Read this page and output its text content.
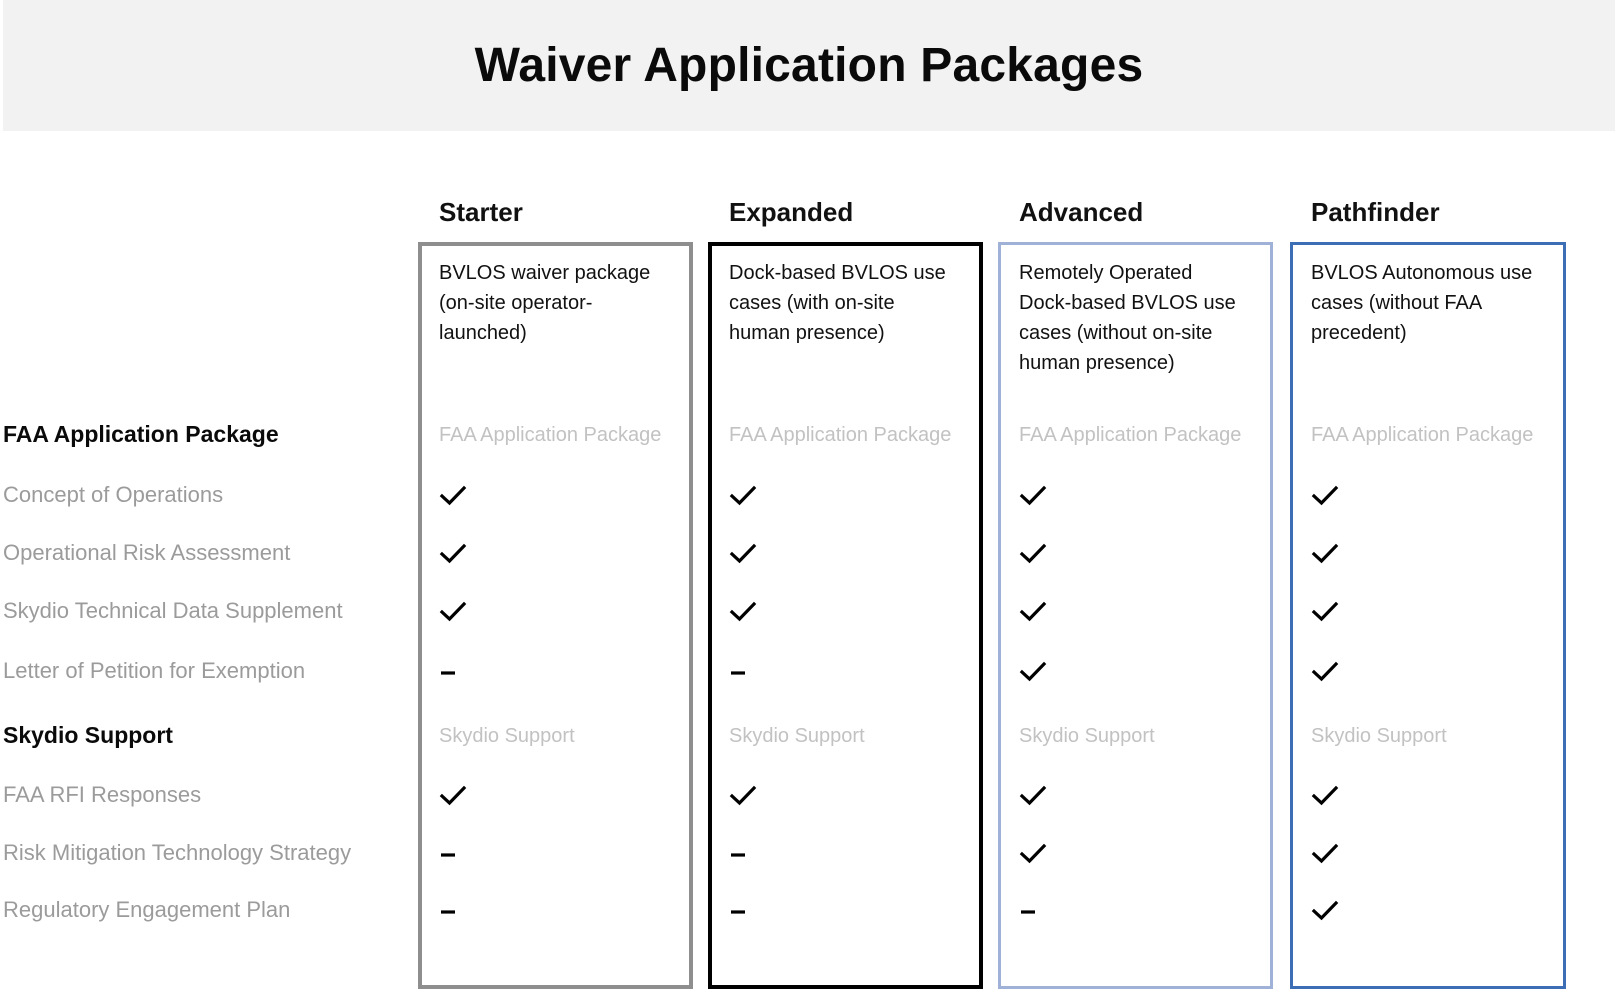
Waiver Application Packages
FAA Application Package
Concept of Operations
Operational Risk Assessment
Skydio Technical Data Supplement
Letter of Petition for Exemption
Skydio Support
FAA RFI Responses
Risk Mitigation Technology Strategy
Regulatory Engagement Plan
Starter
BVLOS waiver package (on-site operator-launched)
FAA Application Package
Skydio Support
Expanded
Dock-based BVLOS use cases (with on-site human presence)
FAA Application Package
Skydio Support
Advanced
Remotely Operated Dock-based BVLOS use cases (without on-site human presence)
FAA Application Package
Skydio Support
Pathfinder
BVLOS Autonomous use cases (without FAA precedent)
FAA Application Package
Skydio Support
